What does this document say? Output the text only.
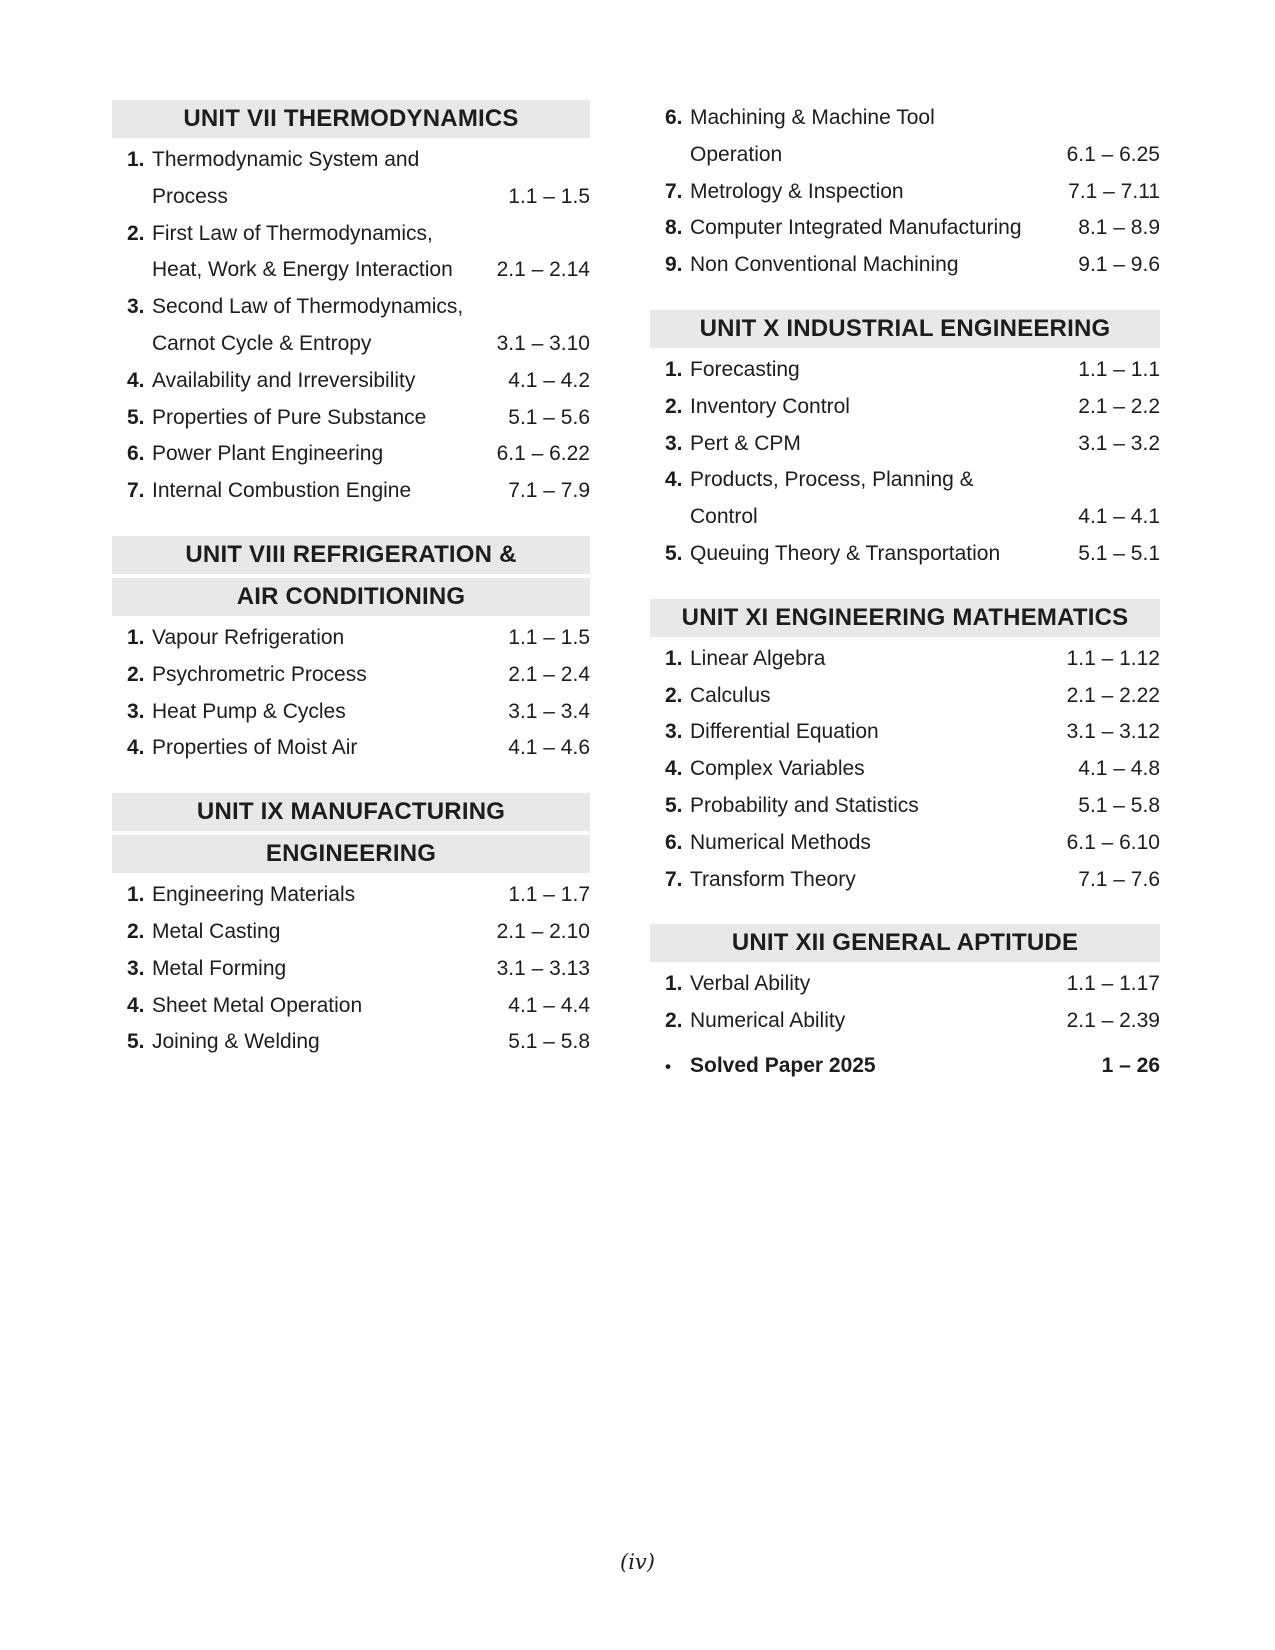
UNIT VII THERMODYNAMICS
1. Thermodynamic System and
Process	1.1 – 1.5
2. First Law of Thermodynamics,
Heat, Work & Energy Interaction	2.1 – 2.14
3. Second Law of Thermodynamics,
Carnot Cycle & Entropy	3.1 – 3.10
4. Availability and Irreversibility	4.1 – 4.2
5. Properties of Pure Substance	5.1 – 5.6
6. Power Plant Engineering	6.1 – 6.22
7. Internal Combustion Engine	7.1 – 7.9
UNIT VIII REFRIGERATION &
AIR CONDITIONING
1. Vapour Refrigeration	1.1 – 1.5
2. Psychrometric Process	2.1 – 2.4
3. Heat Pump & Cycles	3.1 – 3.4
4. Properties of Moist Air	4.1 – 4.6
UNIT IX MANUFACTURING
ENGINEERING
1. Engineering Materials	1.1 – 1.7
2. Metal Casting	2.1 – 2.10
3. Metal Forming	3.1 – 3.13
4. Sheet Metal Operation	4.1 – 4.4
5. Joining & Welding	5.1 – 5.8
6. Machining & Machine Tool
Operation	6.1 – 6.25
7. Metrology & Inspection	7.1 – 7.11
8. Computer Integrated Manufacturing	8.1 – 8.9
9. Non Conventional Machining	9.1 – 9.6
UNIT X INDUSTRIAL ENGINEERING
1. Forecasting	1.1 – 1.1
2. Inventory Control	2.1 – 2.2
3. Pert & CPM	3.1 – 3.2
4. Products, Process, Planning &
Control	4.1 – 4.1
5. Queuing Theory & Transportation	5.1 – 5.1
UNIT XI ENGINEERING MATHEMATICS
1. Linear Algebra	1.1 – 1.12
2. Calculus	2.1 – 2.22
3. Differential Equation	3.1 – 3.12
4. Complex Variables	4.1 – 4.8
5. Probability and Statistics	5.1 – 5.8
6. Numerical Methods	6.1 – 6.10
7. Transform Theory	7.1 – 7.6
UNIT XII GENERAL APTITUDE
1. Verbal Ability	1.1 – 1.17
2. Numerical Ability	2.1 – 2.39
• Solved Paper 2025	1 – 26
(iv)
